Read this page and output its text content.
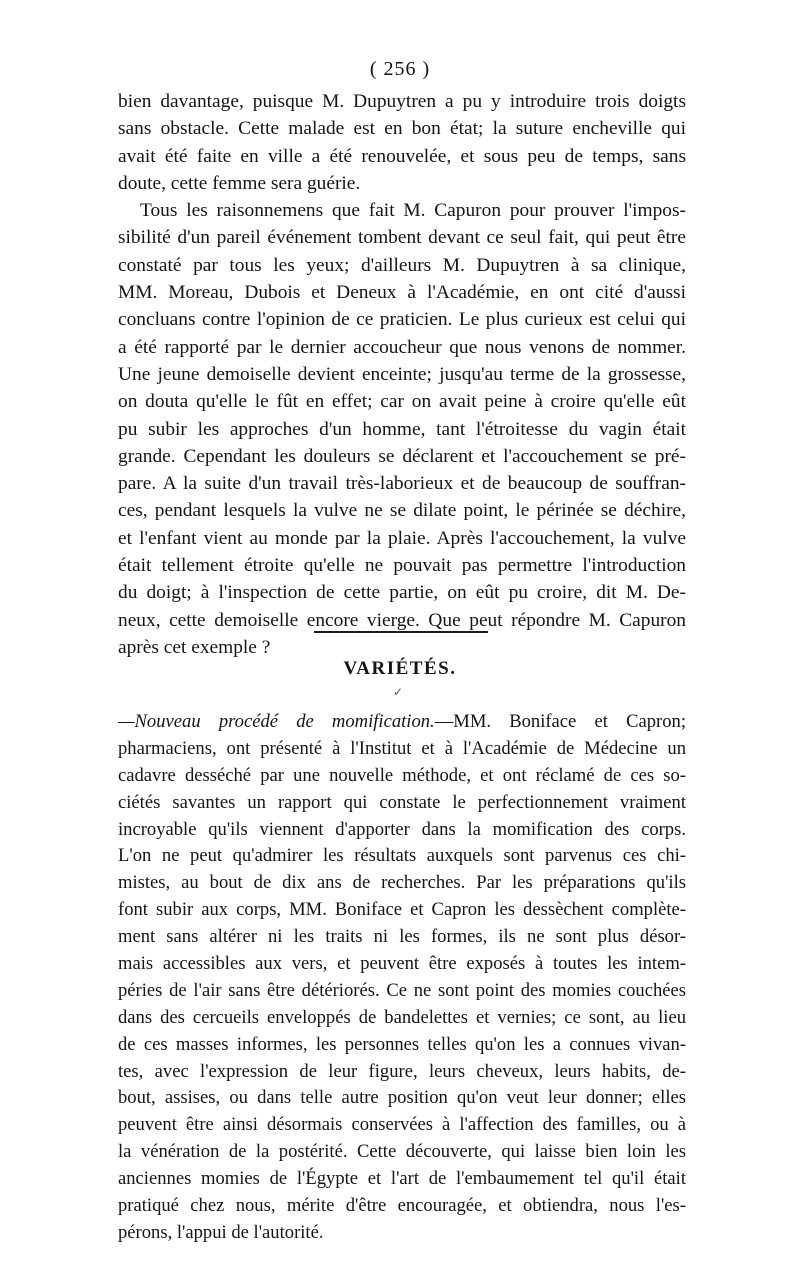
( 256 )
bien davantage, puisque M. Dupuytren a pu y introduire trois doigts
sans obstacle. Cette malade est en bon état; la suture encheville qui
avait été faite en ville a été renouvelée, et sous peu de temps, sans
doute, cette femme sera guérie.
Tous les raisonnemens que fait M. Capuron pour prouver l'impos-
sibilité d'un pareil événement tombent devant ce seul fait, qui peut être
constaté par tous les yeux; d'ailleurs M. Dupuytren à sa clinique,
MM. Moreau, Dubois et Deneux à l'Académie, en ont cité d'aussi
concluans contre l'opinion de ce praticien. Le plus curieux est celui qui
a été rapporté par le dernier accoucheur que nous venons de nommer.
Une jeune demoiselle devient enceinte; jusqu'au terme de la grossesse,
on douta qu'elle le fût en effet; car on avait peine à croire qu'elle eût
pu subir les approches d'un homme, tant l'étroitesse du vagin était
grande. Cependant les douleurs se déclarent et l'accouchement se pré-
pare. A la suite d'un travail très-laborieux et de beaucoup de souffran-
ces, pendant lesquels la vulve ne se dilate point, le périnée se déchire,
et l'enfant vient au monde par la plaie. Après l'accouchement, la vulve
était tellement étroite qu'elle ne pouvait pas permettre l'introduction
du doigt; à l'inspection de cette partie, on eût pu croire, dit M. De-
neux, cette demoiselle encore vierge. Que peut répondre M. Capuron
après cet exemple ?
VARIÉTÉS.
✓
—Nouveau procédé de momification.—MM. Boniface et Capron;
pharmaciens, ont présenté à l'Institut et à l'Académie de Médecine un
cadavre desséché par une nouvelle méthode, et ont réclamé de ces so-
ciétés savantes un rapport qui constate le perfectionnement vraiment
incroyable qu'ils viennent d'apporter dans la momification des corps.
L'on ne peut qu'admirer les résultats auxquels sont parvenus ces chi-
mistes, au bout de dix ans de recherches. Par les préparations qu'ils
font subir aux corps, MM. Boniface et Capron les dessèchent complète-
ment sans altérer ni les traits ni les formes, ils ne sont plus désor-
mais accessibles aux vers, et peuvent être exposés à toutes les intem-
péries de l'air sans être détériorés. Ce ne sont point des momies couchées
dans des cercueils enveloppés de bandelettes et vernies; ce sont, au lieu
de ces masses informes, les personnes telles qu'on les a connues vivan-
tes, avec l'expression de leur figure, leurs cheveux, leurs habits, de-
bout, assises, ou dans telle autre position qu'on veut leur donner; elles
peuvent être ainsi désormais conservées à l'affection des familles, ou à
la vénération de la postérité. Cette découverte, qui laisse bien loin les
anciennes momies de l'Égypte et l'art de l'embaumement tel qu'il était
pratiqué chez nous, mérite d'être encouragée, et obtiendra, nous l'es-
pérons, l'appui de l'autorité.
